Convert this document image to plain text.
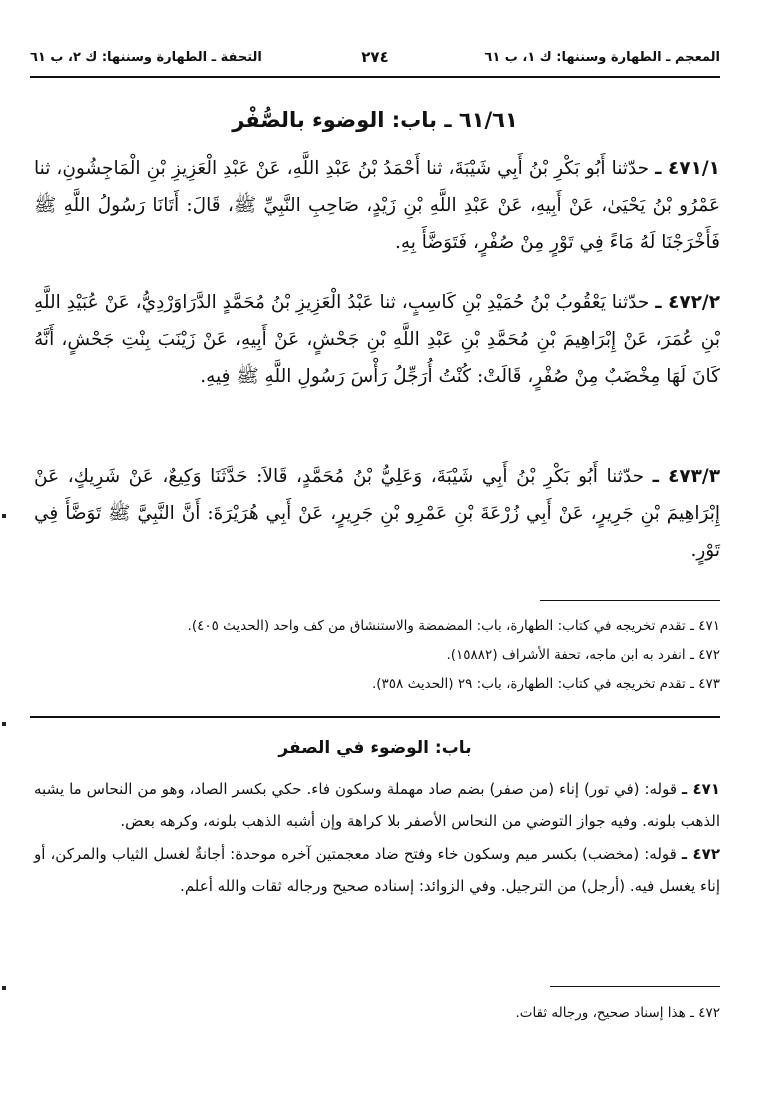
المعجم ـ الطهارة وسننها: ك ١، ب ٦١
٢٧٤
التحفة ـ الطهارة وسننها: ك ٢، ب ٦١
٦١/٦١ ـ باب: الوضوء بالصُّفْر
٤٧١/١ ـ حدّثنا أَبُو بَكْرِ بْنُ أَبِي شَيْبَةَ، ثنا أَحْمَدُ بْنُ عَبْدِ اللَّهِ، عَنْ عَبْدِ الْعَزِيزِ بْنِ الْمَاجِشُونِ، ثنا عَمْرُو بْنُ يَحْيَىٰ، عَنْ أَبِيهِ، عَنْ عَبْدِ اللَّهِ بْنِ زَيْدٍ، صَاحِبِ النَّبِيِّ ﷺ، قَالَ: أَتَانَا رَسُولُ اللَّهِ ﷺ فَأَخْرَجْنَا لَهُ مَاءً فِي تَوْرٍ مِنْ صُفْرٍ، فَتَوَضَّأَ بِهِ.
٤٧٢/٢ ـ حدّثنا يَعْقُوبُ بْنُ حُمَيْدِ بْنِ كَاسِبٍ، ثنا عَبْدُ الْعَزِيزِ بْنُ مُحَمَّدٍ الدَّرَاوَرْدِيُّ، عَنْ عُبَيْدِ اللَّهِ بْنِ عُمَرَ، عَنْ إِبْرَاهِيمَ بْنِ مُحَمَّدِ بْنِ عَبْدِ اللَّهِ بْنِ جَحْشٍ، عَنْ أَبِيهِ، عَنْ زَيْنَبَ بِنْتِ جَحْشٍ، أَنَّهُ كَانَ لَهَا مِخْضَبٌ مِنْ صُفْرٍ، قَالَتْ: كُنْتُ أُرَجِّلُ رَأْسَ رَسُولِ اللَّهِ ﷺ فِيهِ.
٤٧٣/٣ ـ حدّثنا أَبُو بَكْرِ بْنُ أَبِي شَيْبَةَ، وَعَلِيُّ بْنُ مُحَمَّدٍ، قَالاَ: حَدَّثَنَا وَكِيعٌ، عَنْ شَرِيكٍ، عَنْ إِبْرَاهِيمَ بْنِ جَرِيرٍ، عَنْ أَبِي زُرْعَةَ بْنِ عَمْرِو بْنِ جَرِيرٍ، عَنْ أَبِي هُرَيْرَةَ: أَنَّ النَّبِيَّ ﷺ تَوَضَّأَ فِي تَوْرٍ.

٤٧١ ـ تقدم تخريجه في كتاب: الطهارة، باب: المضمضة والاستنشاق من كف واحد (الحديث ٤٠٥).

٤٧٢ ـ انفرد به ابن ماجه، تحفة الأشراف (١٥٨٨٢).

٤٧٣ ـ تقدم تخريجه في كتاب: الطهارة، باب: ٢٩ (الحديث ٣٥٨).

باب: الوضوء في الصفر

٤٧١ ـ قوله: (في تور) إناء (من صفر) بضم صاد مهملة وسكون فاء. حكي بكسر الصاد، وهو من النحاس ما يشبه الذهب بلونه. وفيه جواز التوضي من النحاس الأصفر بلا كراهة وإن أشبه الذهب بلونه، وكرهه بعض.

٤٧٢ ـ قوله: (مخضب) بكسر ميم وسكون خاء وفتح ضاد معجمتين آخره موحدة: أجانةٌ لغسل الثياب والمركن، أو إناء يغسل فيه. (أرجل) من الترجيل. وفي الزوائد: إسناده صحيح ورجاله ثقات والله أعلم.

٤٧٢ ـ هذا إسناد صحيح، ورجاله ثقات.
